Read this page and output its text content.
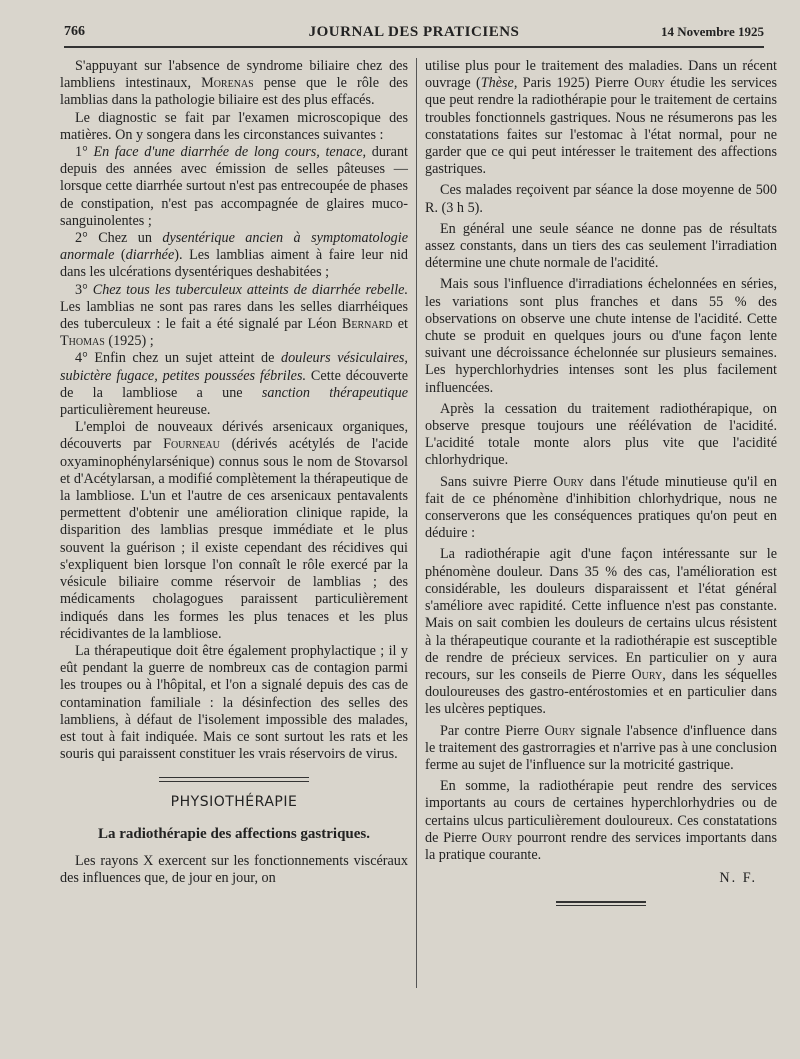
766	JOURNAL DES PRATICIENS	14 Novembre 1925

S'appuyant sur l'absence de syndrome biliaire chez des lambliens intestinaux, Morenas pense que le rôle des lamblias dans la pathologie biliaire est des plus effacés.

Le diagnostic se fait par l'examen microscopique des matières. On y songera dans les circonstances suivantes :

1° En face d'une diarrhée de long cours, tenace, durant depuis des années avec émission de selles pâteuses — lorsque cette diarrhée surtout n'est pas entrecoupée de phases de constipation, n'est pas accompagnée de glaires muco-sanguinolentes ;

2° Chez un dysentérique ancien à symptomatologie anormale (diarrhée). Les lamblias aiment à faire leur nid dans les ulcérations dysentériques deshabitées ;

3° Chez tous les tuberculeux atteints de diarrhée rebelle. Les lamblias ne sont pas rares dans les selles diarrhéiques des tuberculeux : le fait a été signalé par Léon Bernard et Thomas (1925) ;

4° Enfin chez un sujet atteint de douleurs vésiculaires, subictère fugace, petites poussées fébriles. Cette découverte de la lambliose a une sanction thérapeutique particulièrement heureuse.

L'emploi de nouveaux dérivés arsenicaux organiques, découverts par Fourneau (dérivés acétylés de l'acide oxyaminophénylarsénique) connus sous le nom de Stovarsol et d'Acétylarsan, a modifié complètement la thérapeutique de la lambliose. L'un et l'autre de ces arsenicaux pentavalents permettent d'obtenir une amélioration clinique rapide, la disparition des lamblias presque immédiate et le plus souvent la guérison ; il existe cependant des récidives qui s'expliquent bien lorsque l'on connaît le rôle exercé par la vésicule biliaire comme réservoir de lamblias ; des médicaments cholagogues paraissent particulièrement indiqués dans les formes les plus tenaces et les plus récidivantes de la lambliose.

La thérapeutique doit être également prophylactique ; il y eût pendant la guerre de nombreux cas de contagion parmi les troupes ou à l'hôpital, et l'on a signalé depuis des cas de contamination familiale : la désinfection des selles des lambliens, à défaut de l'isolement impossible des malades, est tout à fait indiquée. Mais ce sont surtout les rats et les souris qui paraissent constituer les vrais réservoirs de virus.

PHYSIOTHÉRAPIE
La radiothérapie des affections gastriques.

Les rayons X exercent sur les fonctionnements viscéraux des influences que, de jour en jour, on

utilise plus pour le traitement des maladies. Dans un récent ouvrage (Thèse, Paris 1925) Pierre Oury étudie les services que peut rendre la radiothérapie pour le traitement de certains troubles fonctionnels gastriques. Nous ne résumerons pas les constatations faites sur l'estomac à l'état normal, pour ne garder que ce qui peut intéresser le traitement des affections gastriques.

Ces malades reçoivent par séance la dose moyenne de 500 R. (3 h 5).

En général une seule séance ne donne pas de résultats assez constants, dans un tiers des cas seulement l'irradiation détermine une chute normale de l'acidité.

Mais sous l'influence d'irradiations échelonnées en séries, les variations sont plus franches et dans 55 % des observations on observe une chute intense de l'acidité. Cette chute se produit en quelques jours ou d'une façon lente suivant une décroissance échelonnée sur plusieurs semaines. Les hyperchlorhydries intenses sont les plus facilement influencées.

Après la cessation du traitement radiothérapique, on observe presque toujours une réélévation de l'acidité. L'acidité totale monte alors plus vite que l'acidité chlorhydrique.

Sans suivre Pierre Oury dans l'étude minutieuse qu'il en fait de ce phénomène d'inhibition chlorhydrique, nous ne conserverons que les conséquences pratiques qu'on peut en déduire :

La radiothérapie agit d'une façon intéressante sur le phénomène douleur. Dans 35 % des cas, l'amélioration est considérable, les douleurs disparaissent et l'état général s'améliore avec rapidité. Cette influence n'est pas constante. Mais on sait combien les douleurs de certains ulcus résistent à la thérapeutique courante et la radiothérapie est susceptible de rendre de précieux services. En particulier on y aura recours, sur les conseils de Pierre Oury, dans les séquelles douloureuses des gastro-entérostomies et en particulier dans les ulcères peptiques.

Par contre Pierre Oury signale l'absence d'influence dans le traitement des gastrorragies et n'arrive pas à une conclusion ferme au sujet de l'influence sur la motricité gastrique.

En somme, la radiothérapie peut rendre des services importants au cours de certaines hyperchlorhydries ou de certains ulcus particulièrement douloureux. Ces constatations de Pierre Oury pourront rendre des services importants dans la pratique courante.

N. F.
